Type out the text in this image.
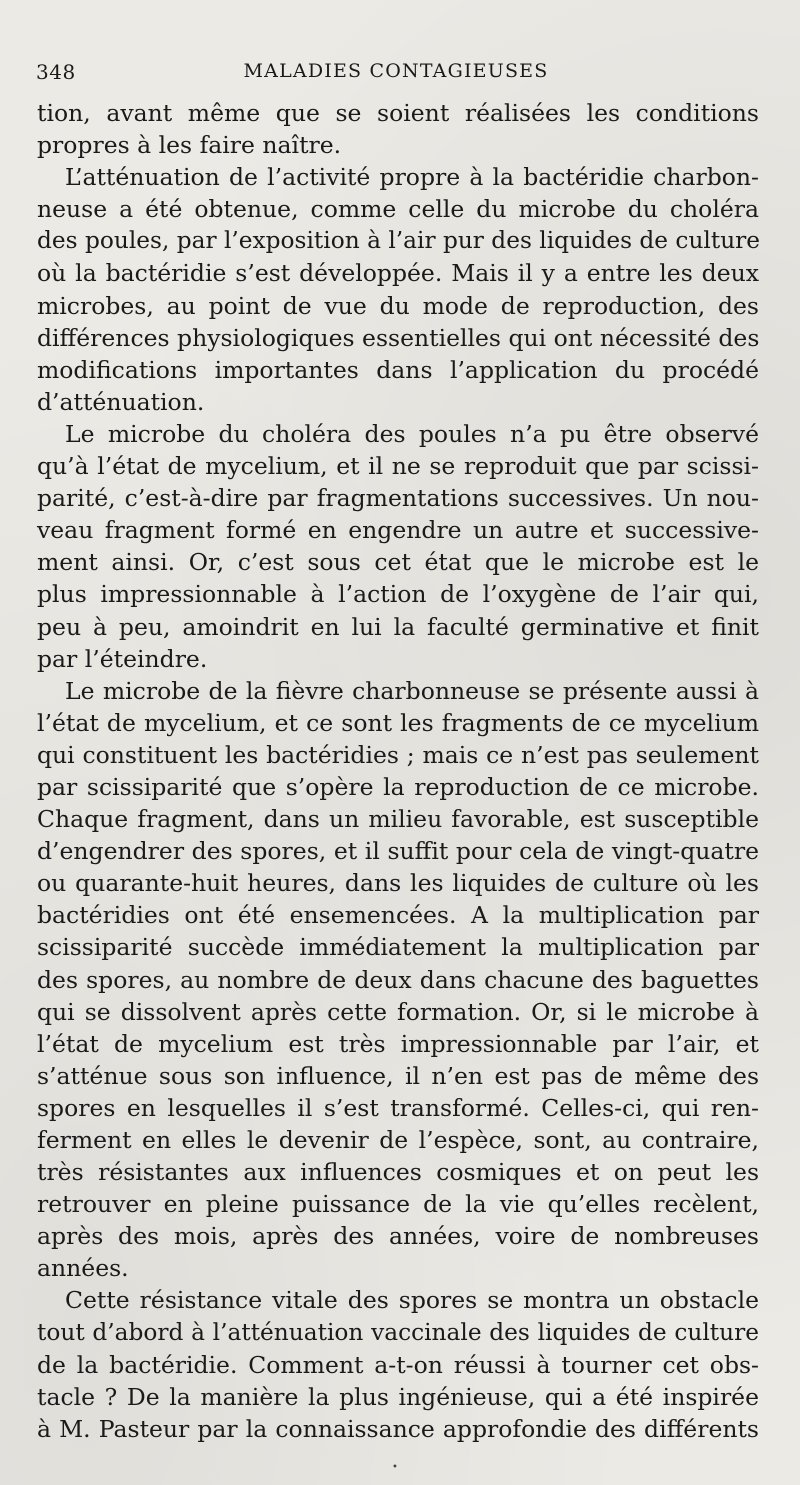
348	MALADIES CONTAGIEUSES
tion, avant même que se soient réalisées les conditions
propres à les faire naître.
L’atténuation de l’activité propre à la bactéridie charbon-
neuse a été obtenue, comme celle du microbe du choléra
des poules, par l’exposition à l’air pur des liquides de culture
où la bactéridie s’est développée. Mais il y a entre les deux
microbes, au point de vue du mode de reproduction, des
différences physiologiques essentielles qui ont nécessité des
modifications importantes dans l’application du procédé
d’atténuation.
Le microbe du choléra des poules n’a pu être observé
qu’à l’état de mycelium, et il ne se reproduit que par scissi-
parité, c’est-à-dire par fragmentations successives. Un nou-
veau fragment formé en engendre un autre et successive-
ment ainsi. Or, c’est sous cet état que le microbe est le
plus impressionnable à l’action de l’oxygène de l’air qui,
peu à peu, amoindrit en lui la faculté germinative et finit
par l’éteindre.
Le microbe de la fièvre charbonneuse se présente aussi à
l’état de mycelium, et ce sont les fragments de ce mycelium
qui constituent les bactéridies ; mais ce n’est pas seulement
par scissiparité que s’opère la reproduction de ce microbe.
Chaque fragment, dans un milieu favorable, est susceptible
d’engendrer des spores, et il suffit pour cela de vingt-quatre
ou quarante-huit heures, dans les liquides de culture où les
bactéridies ont été ensemencées. A la multiplication par
scissiparité succède immédiatement la multiplication par
des spores, au nombre de deux dans chacune des baguettes
qui se dissolvent après cette formation. Or, si le microbe à
l’état de mycelium est très impressionnable par l’air, et
s’atténue sous son influence, il n’en est pas de même des
spores en lesquelles il s’est transformé. Celles-ci, qui ren-
ferment en elles le devenir de l’espèce, sont, au contraire,
très résistantes aux influences cosmiques et on peut les
retrouver en pleine puissance de la vie qu’elles recèlent,
après des mois, après des années, voire de nombreuses
années.
Cette résistance vitale des spores se montra un obstacle
tout d’abord à l’atténuation vaccinale des liquides de culture
de la bactéridie. Comment a-t-on réussi à tourner cet obs-
tacle ? De la manière la plus ingénieuse, qui a été inspirée
à M. Pasteur par la connaissance approfondie des différents
•
